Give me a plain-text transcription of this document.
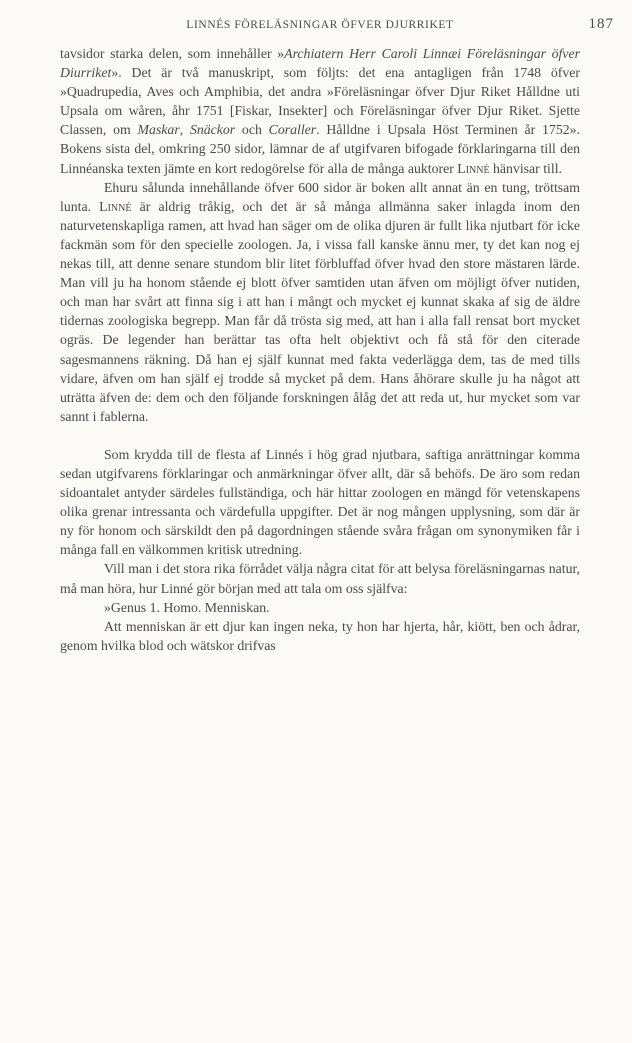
LINNÉS FÖRELÄSNINGAR ÖFVER DJURRIKET	187

tavsidor starka delen, som innehåller »Archiatern Herr Caroli Linnæi Föreläsningar öfver Diurriket». Det är två manuskript, som följts: det ena antagligen från 1748 öfver »Quadrupedia, Aves och Amphibia, det andra »Föreläsningar öfver Djur Riket Hålldne uti Upsala om wåren, åhr 1751 [Fiskar, Insekter] och Föreläsningar öfver Djur Riket. Sjette Classen, om Maskar, Snäckor och Coraller. Hålldne i Upsala Höst Terminen år 1752». Bokens sista del, omkring 250 sidor, lämnar de af utgifvaren bifogade förklaringarna till den Linnéanska texten jämte en kort redogörelse för alla de många auktorer Linné hänvisar till.

Ehuru sålunda innehållande öfver 600 sidor är boken allt annat än en tung, tröttsam lunta. Linné är aldrig tråkig, och det är så många allmänna saker inlagda inom den naturvetenskapliga ramen, att hvad han säger om de olika djuren är fullt lika njutbart för icke fackmän som för den specielle zoologen. Ja, i vissa fall kanske ännu mer, ty det kan nog ej nekas till, att denne senare stundom blir litet förbluffad öfver hvad den store mästaren lärde. Man vill ju ha honom stående ej blott öfver samtiden utan äfven om möjligt öfver nutiden, och man har svårt att finna sig i att han i mångt och mycket ej kunnat skaka af sig de äldre tidernas zoologiska begrepp. Man får då trösta sig med, att han i alla fall rensat bort mycket ogräs. De legender han berättar tas ofta helt objektivt och få stå för den citerade sagesmannens räkning. Då han ej själf kunnat med fakta vederlägga dem, tas de med tills vidare, äfven om han själf ej trodde så mycket på dem. Hans åhörare skulle ju ha något att uträtta äfven de: dem och den följande forskningen ålåg det att reda ut, hur mycket som var sannt i fablerna.

Som krydda till de flesta af Linnés i hög grad njutbara, saftiga anrättningar komma sedan utgifvarens förklaringar och anmärkningar öfver allt, där så behöfs. De äro som redan sidoantalet antyder särdeles fullständiga, och här hittar zoologen en mängd för vetenskapens olika grenar intressanta och värdefulla uppgifter. Det är nog mången upplysning, som där är ny för honom och särskildt den på dagordningen stående svåra frågan om synonymiken får i många fall en välkommen kritisk utredning.

Vill man i det stora rika förrådet välja några citat för att belysa föreläsningarnas natur, må man höra, hur Linné gör början med att tala om oss själfva:

»Genus 1. Homo. Menniskan.

Att menniskan är ett djur kan ingen neka, ty hon har hjerta, hår, kiött, ben och ådrar, genom hvilka blod och wätskor drifvas
